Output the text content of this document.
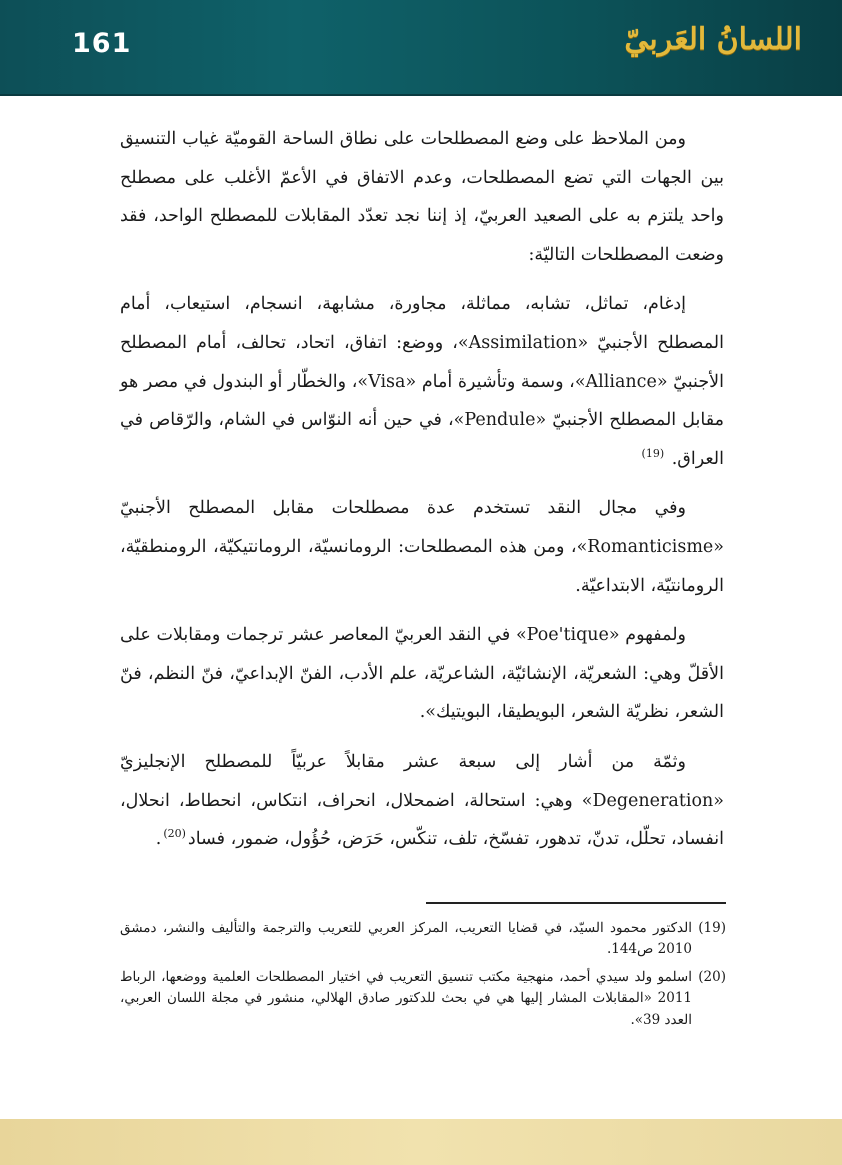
161	اللسانُ العَربيّ

ومن الملاحظ على وضع المصطلحات على نطاق الساحة القوميّة غياب التنسيق بين الجهات التي تضع المصطلحات، وعدم الاتفاق في الأعمّ الأغلب على مصطلح واحد يلتزم به على الصعيد العربيّ، إذ إننا نجد تعدّد المقابلات للمصطلح الواحد، فقد وضعت المصطلحات التاليّة:

إدغام، تماثل، تشابه، مماثلة، مجاورة، مشابهة، انسجام، استيعاب، أمام المصطلح الأجنبيّ «Assimilation»، ووضع: اتفاق، اتحاد، تحالف، أمام المصطلح الأجنبيّ «Alliance»، وسمة وتأشيرة أمام «Visa»، والخطّار أو البندول في مصر هو مقابل المصطلح الأجنبيّ «Pendule»، في حين أنه النوّاس في الشام، والرّقاص في العراق. $^{(19)}$

وفي مجال النقد تستخدم عدة مصطلحات مقابل المصطلح الأجنبيّ «Romanticisme»، ومن هذه المصطلحات: الرومانسيّة، الرومانتيكيّة، الرومنطقيّة، الرومانتيّة، الابتداعيّة.

ولمفهوم «Poe'tique» في النقد العربيّ المعاصر عشر ترجمات ومقابلات على الأقلّ وهي: الشعريّة، الإنشائيّة، الشاعريّة، علم الأدب، الفنّ الإبداعيّ، فنّ النظم، فنّ الشعر، نظريّة الشعر، البويطيقا، البويتيك».

وثمّة من أشار إلى سبعة عشر مقابلاً عربيّاً للمصطلح الإنجليزيّ «Degeneration» وهي: استحالة، اضمحلال، انحراف، انتكاس، انحطاط، انحلال، انفساد، تحلّل، تدنّ، تدهور، تفسّخ، تلف، تنكّس، حَرَض، حُؤُول، ضمور، فساد$^{(20)}$.

(19)
الدكتور محمود السيّد، في قضايا التعريب، المركز العربي للتعريب والترجمة والتأليف والنشر، دمشق 2010 ص144.
(20)
اسلمو ولد سيدي أحمد، منهجية مكتب تنسيق التعريب في اختيار المصطلحات العلمية ووضعها، الرباط 2011 «المقابلات المشار إليها هي في بحث للدكتور صادق الهلالي، منشور في مجلة اللسان العربي، العدد 39».
